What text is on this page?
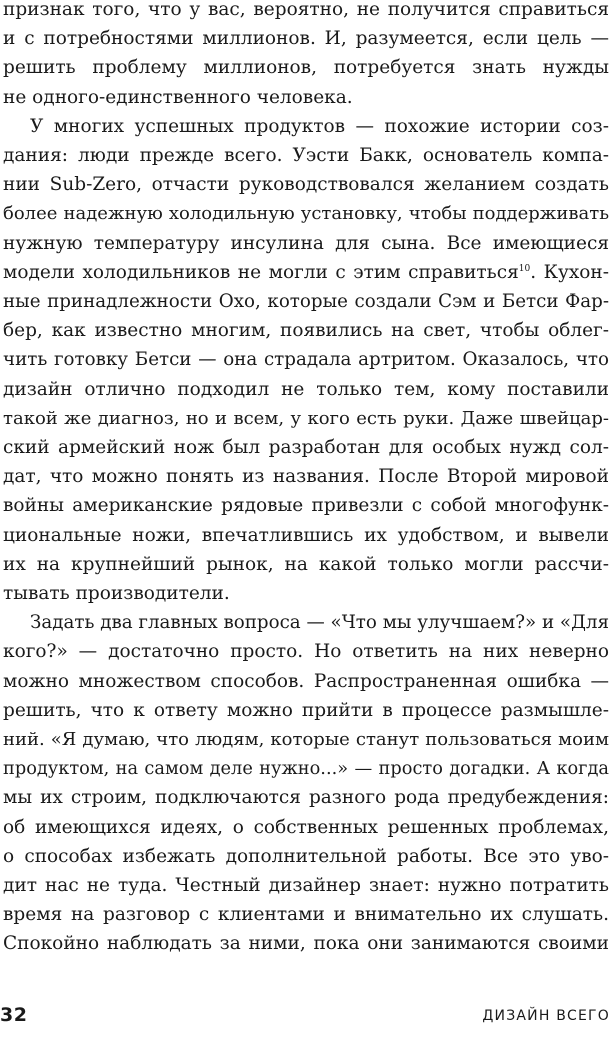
признак того, что у вас, вероятно, не получится справиться
и с потребностями миллионов. И, разумеется, если цель —
решить проблему миллионов, потребуется знать нужды
не одного-единственного человека.
У многих успешных продуктов — похожие истории соз-
дания: люди прежде всего. Уэсти Бакк, основатель компа-
нии Sub-Zero, отчасти руководствовался желанием создать
более надежную холодильную установку, чтобы поддерживать
нужную температуру инсулина для сына. Все имеющиеся
модели холодильников не могли с этим справиться$^{10}$. Кухон-
ные принадлежности Oxo, которые создали Сэм и Бетси Фар-
бер, как известно многим, появились на свет, чтобы облег-
чить готовку Бетси — она страдала артритом. Оказалось, что
дизайн отлично подходил не только тем, кому поставили
такой же диагноз, но и всем, у кого есть руки. Даже швейцар-
ский армейский нож был разработан для особых нужд сол-
дат, что можно понять из названия. После Второй мировой
войны американские рядовые привезли с собой многофунк-
циональные ножи, впечатлившись их удобством, и вывели
их на крупнейший рынок, на какой только могли рассчи-
тывать производители.
Задать два главных вопроса — «Что мы улучшаем?» и «Для
кого?» — достаточно просто. Но ответить на них неверно
можно множеством способов. Распространенная ошибка —
решить, что к ответу можно прийти в процессе размышле-
ний. «Я думаю, что людям, которые станут пользоваться моим
продуктом, на самом деле нужно...» — просто догадки. А когда
мы их строим, подключаются разного рода предубеждения:
об имеющихся идеях, о собственных решенных проблемах,
о способах избежать дополнительной работы. Все это уво-
дит нас не туда. Честный дизайнер знает: нужно потратить
время на разговор с клиентами и внимательно их слушать.
Спокойно наблюдать за ними, пока они занимаются своими
32	ДИЗАЙН ВСЕГО
